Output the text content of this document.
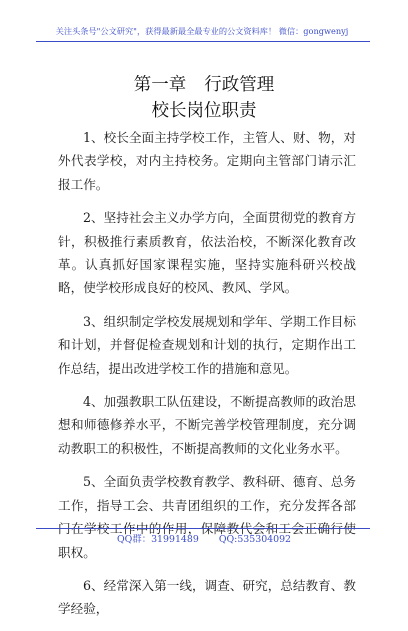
关注头条号"公文研究"，获得最新最全最专业的公文资料库！ 微信：gongwenyj
第一章 行政管理
校长岗位职责

1、校长全面主持学校工作，主管人、财、物，对外代表学校，对内主持校务。定期向主管部门请示汇报工作。

2、坚持社会主义办学方向，全面贯彻党的教育方针，积极推行素质教育，依法治校，不断深化教育改革。认真抓好国家课程实施，坚持实施科研兴校战略，使学校形成良好的校风、教风、学风。

3、组织制定学校发展规划和学年、学期工作目标和计划，并督促检查规划和计划的执行，定期作出工作总结，提出改进学校工作的措施和意见。

4、加强教职工队伍建设，不断提高教师的政治思想和师德修养水平，不断完善学校管理制度，充分调动教职工的积极性，不断提高教师的文化业务水平。

5、全面负责学校教育教学、教科研、德育、总务工作，指导工会、共青团组织的工作，充分发挥各部门在学校工作中的作用，保障教代会和工会正确行使职权。

6、经常深入第一线，调查、研究，总结教育、教学经验，

QQ群：31991489 QQ:535304092
